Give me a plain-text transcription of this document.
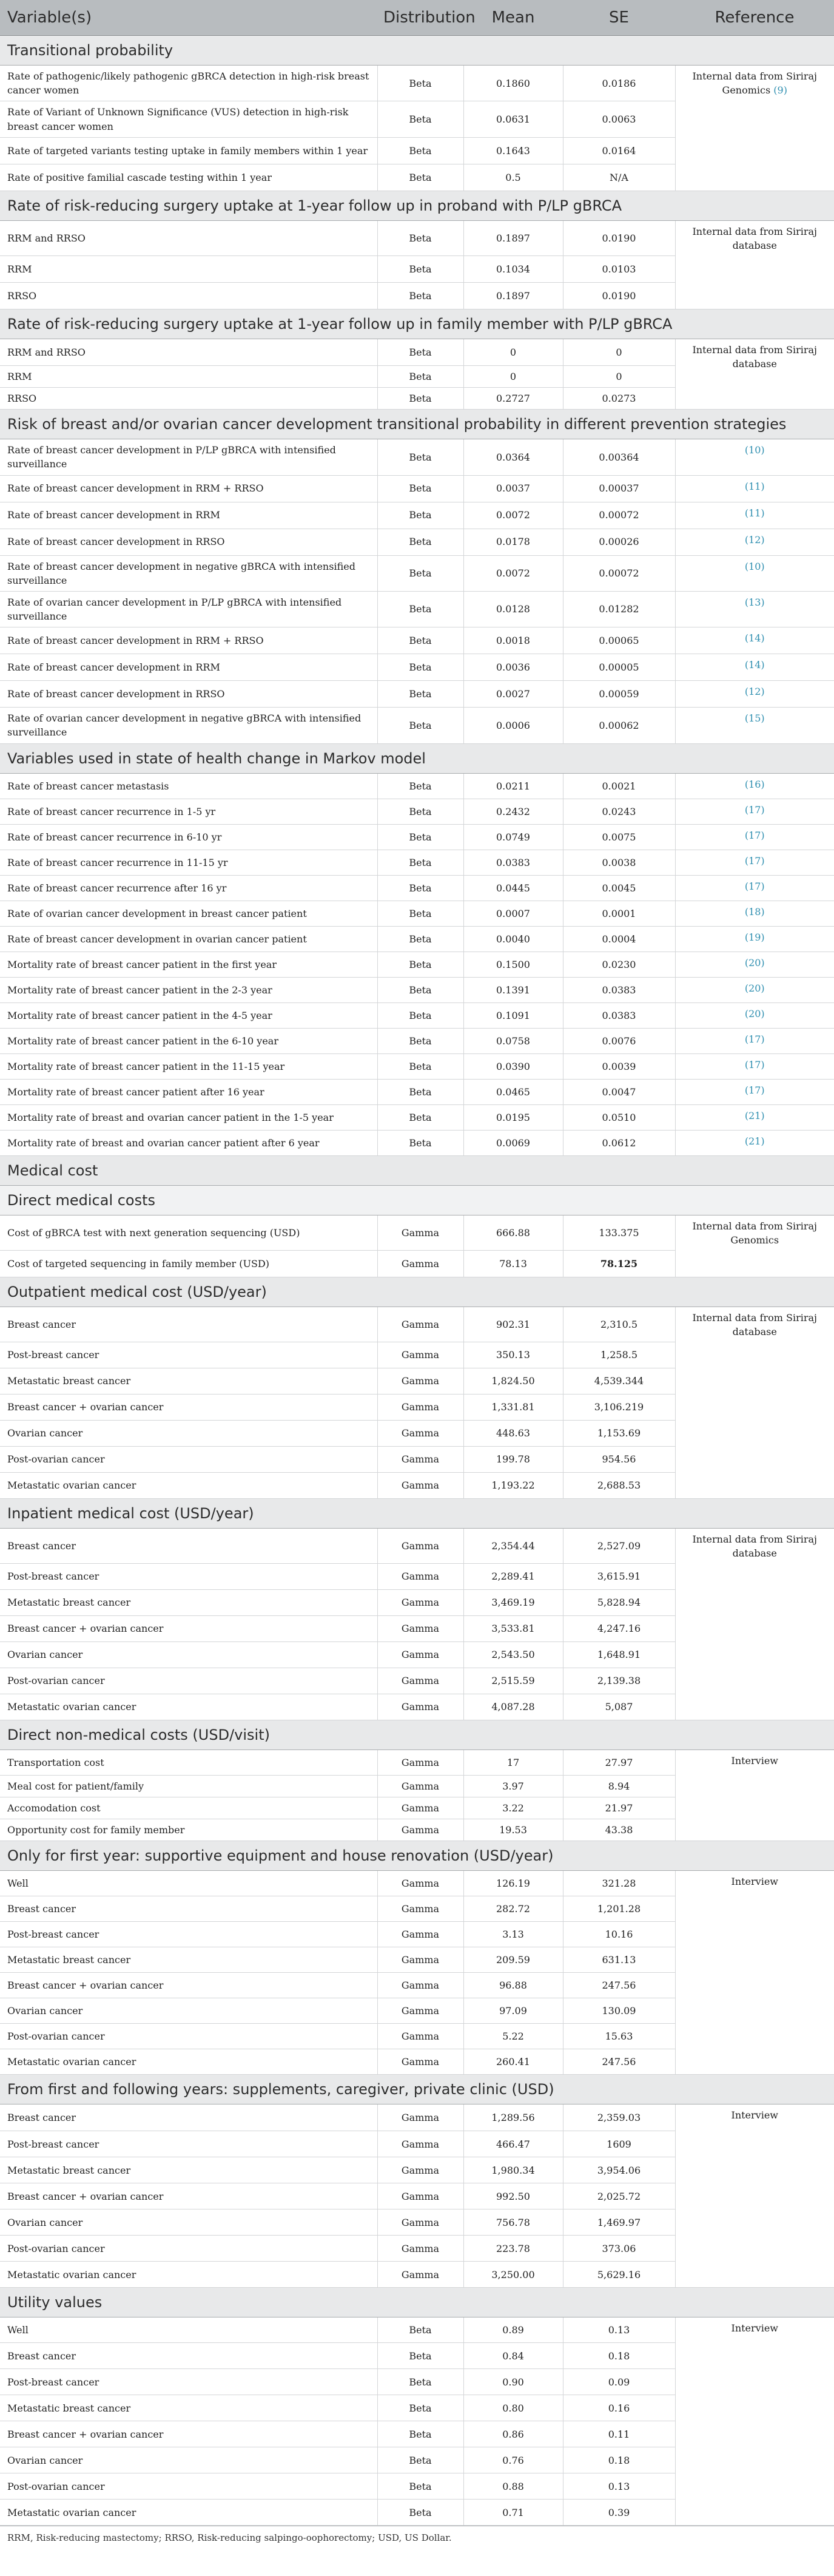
Variable(s)	Distribution	Mean	SE	Reference
Transitional probability				
Rate of pathogenic/likely pathogenic gBRCA detection in high-risk breast cancer women	Beta	0.1860	0.0186	Internal data from Siriraj Genomics (9)
Rate of Variant of Unknown Significance (VUS) detection in high-risk breast cancer women	Beta	0.0631	0.0063	
Rate of targeted variants testing uptake in family members within 1 year	Beta	0.1643	0.0164	
Rate of positive familial cascade testing within 1 year	Beta	0.5	N/A	
Rate of risk-reducing surgery uptake at 1-year follow up in proband with P/LP gBRCA				
RRM and RRSO	Beta	0.1897	0.0190	Internal data from Siriraj database
RRM	Beta	0.1034	0.0103	
RRSO	Beta	0.1897	0.0190	
Rate of risk-reducing surgery uptake at 1-year follow up in family member with P/LP gBRCA				
RRM and RRSO	Beta	0	0	Internal data from Siriraj database
RRM	Beta	0	0	
RRSO	Beta	0.2727	0.0273	
Risk of breast and/or ovarian cancer development transitional probability in different prevention strategies				
Rate of breast cancer development in P/LP gBRCA with intensified surveillance	Beta	0.0364	0.00364	(10)
Rate of breast cancer development in RRM + RRSO	Beta	0.0037	0.00037	(11)
Rate of breast cancer development in RRM	Beta	0.0072	0.00072	(11)
Rate of breast cancer development in RRSO	Beta	0.0178	0.00026	(12)
Rate of breast cancer development in negative gBRCA with intensified surveillance	Beta	0.0072	0.00072	(10)
Rate of ovarian cancer development in P/LP gBRCA with intensified surveillance	Beta	0.0128	0.01282	(13)
Rate of breast cancer development in RRM + RRSO	Beta	0.0018	0.00065	(14)
Rate of breast cancer development in RRM	Beta	0.0036	0.00005	(14)
Rate of breast cancer development in RRSO	Beta	0.0027	0.00059	(12)
Rate of ovarian cancer development in negative gBRCA with intensified surveillance	Beta	0.0006	0.00062	(15)
Variables used in state of health change in Markov model				
Rate of breast cancer metastasis	Beta	0.0211	0.0021	(16)
Rate of breast cancer recurrence in 1-5 yr	Beta	0.2432	0.0243	(17)
Rate of breast cancer recurrence in 6-10 yr	Beta	0.0749	0.0075	(17)
Rate of breast cancer recurrence in 11-15 yr	Beta	0.0383	0.0038	(17)
Rate of breast cancer recurrence after 16 yr	Beta	0.0445	0.0045	(17)
Rate of ovarian cancer development in breast cancer patient	Beta	0.0007	0.0001	(18)
Rate of breast cancer development in ovarian cancer patient	Beta	0.0040	0.0004	(19)
Mortality rate of breast cancer patient in the first year	Beta	0.1500	0.0230	(20)
Mortality rate of breast cancer patient in the 2-3 year	Beta	0.1391	0.0383	(20)
Mortality rate of breast cancer patient in the 4-5 year	Beta	0.1091	0.0383	(20)
Mortality rate of breast cancer patient in the 6-10 year	Beta	0.0758	0.0076	(17)
Mortality rate of breast cancer patient in the 11-15 year	Beta	0.0390	0.0039	(17)
Mortality rate of breast cancer patient after 16 year	Beta	0.0465	0.0047	(17)
Mortality rate of breast and ovarian cancer patient in the 1-5 year	Beta	0.0195	0.0510	(21)
Mortality rate of breast and ovarian cancer patient after 6 year	Beta	0.0069	0.0612	(21)
Medical cost				
Direct medical costs				
Cost of gBRCA test with next generation sequencing (USD)	Gamma	666.88	133.375	Internal data from Siriraj Genomics
Cost of targeted sequencing in family member (USD)	Gamma	78.13	78.125	
Outpatient medical cost (USD/year)				
Breast cancer	Gamma	902.31	2,310.5	Internal data from Siriraj database
Post-breast cancer	Gamma	350.13	1,258.5	
Metastatic breast cancer	Gamma	1,824.50	4,539.344	
Breast cancer + ovarian cancer	Gamma	1,331.81	3,106.219	
Ovarian cancer	Gamma	448.63	1,153.69	
Post-ovarian cancer	Gamma	199.78	954.56	
Metastatic ovarian cancer	Gamma	1,193.22	2,688.53	
Inpatient medical cost (USD/year)				
Breast cancer	Gamma	2,354.44	2,527.09	Internal data from Siriraj database
Post-breast cancer	Gamma	2,289.41	3,615.91	
Metastatic breast cancer	Gamma	3,469.19	5,828.94	
Breast cancer + ovarian cancer	Gamma	3,533.81	4,247.16	
Ovarian cancer	Gamma	2,543.50	1,648.91	
Post-ovarian cancer	Gamma	2,515.59	2,139.38	
Metastatic ovarian cancer	Gamma	4,087.28	5,087	
Direct non-medical costs (USD/visit)				
Transportation cost	Gamma	17	27.97	Interview
Meal cost for patient/family	Gamma	3.97	8.94	
Accomodation cost	Gamma	3.22	21.97	
Opportunity cost for family member	Gamma	19.53	43.38	
Only for first year: supportive equipment and house renovation (USD/year)				
Well	Gamma	126.19	321.28	Interview
Breast cancer	Gamma	282.72	1,201.28	
Post-breast cancer	Gamma	3.13	10.16	
Metastatic breast cancer	Gamma	209.59	631.13	
Breast cancer + ovarian cancer	Gamma	96.88	247.56	
Ovarian cancer	Gamma	97.09	130.09	
Post-ovarian cancer	Gamma	5.22	15.63	
Metastatic ovarian cancer	Gamma	260.41	247.56	
From first and following years: supplements, caregiver, private clinic (USD)				
Breast cancer	Gamma	1,289.56	2,359.03	Interview
Post-breast cancer	Gamma	466.47	1609	
Metastatic breast cancer	Gamma	1,980.34	3,954.06	
Breast cancer + ovarian cancer	Gamma	992.50	2,025.72	
Ovarian cancer	Gamma	756.78	1,469.97	
Post-ovarian cancer	Gamma	223.78	373.06	
Metastatic ovarian cancer	Gamma	3,250.00	5,629.16	
Utility values				
Well	Beta	0.89	0.13	Interview
Breast cancer	Beta	0.84	0.18	
Post-breast cancer	Beta	0.90	0.09	
Metastatic breast cancer	Beta	0.80	0.16	
Breast cancer + ovarian cancer	Beta	0.86	0.11	
Ovarian cancer	Beta	0.76	0.18	
Post-ovarian cancer	Beta	0.88	0.13	
Metastatic ovarian cancer	Beta	0.71	0.39	
RRM, Risk-reducing mastectomy; RRSO, Risk-reducing salpingo-oophorectomy; USD, US Dollar.
